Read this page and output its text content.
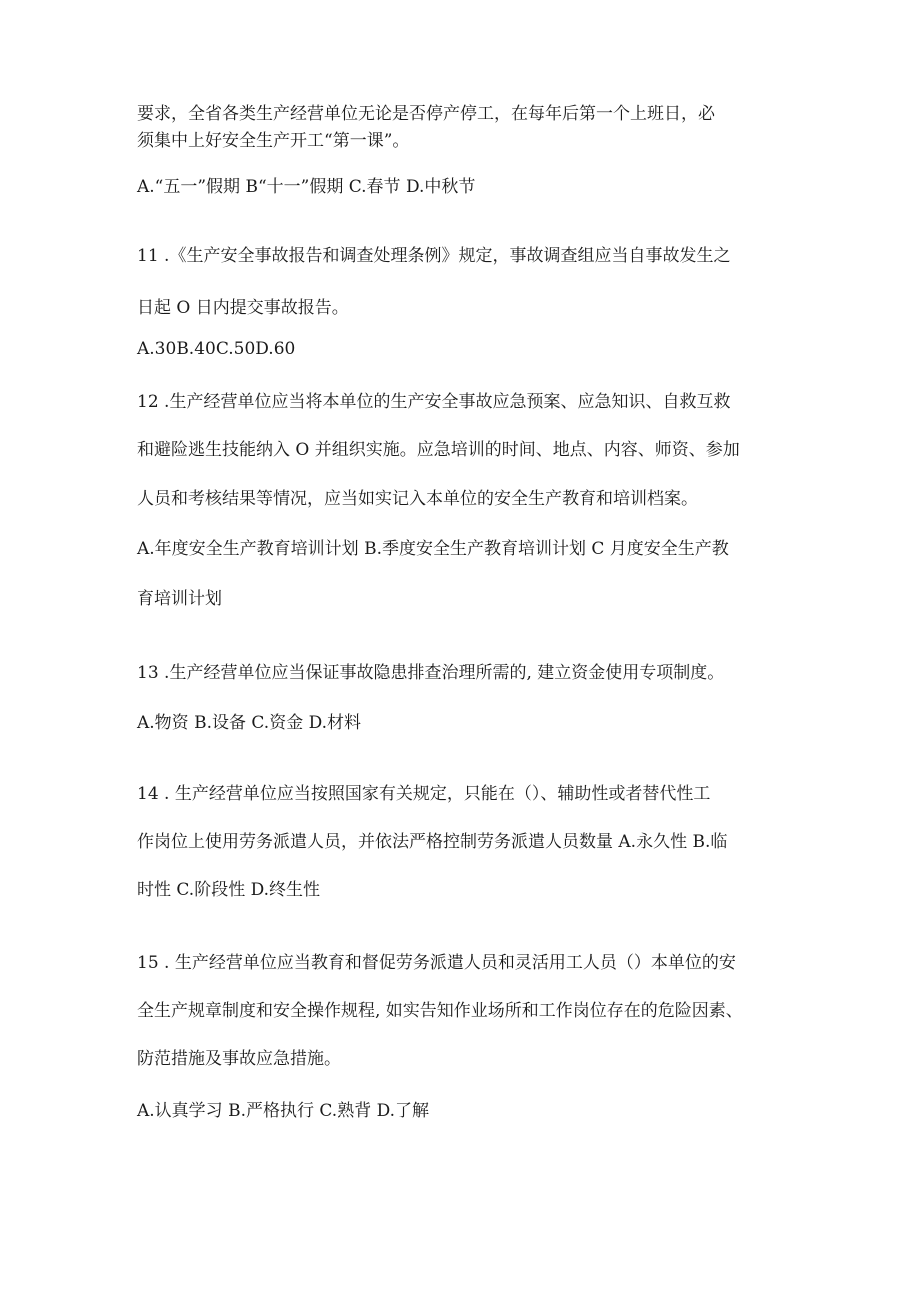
要求，全省各类生产经营单位无论是否停产停工，在每年后第一个上班日，必

须集中上好安全生产开工“第一课”。

A.“五一”假期 B“十一”假期 C.春节 D.中秋节

11 .《生产安全事故报告和调查处理条例》规定，事故调查组应当自事故发生之

日起 O 日内提交事故报告。

A.30B.40C.50D.60

12 .生产经营单位应当将本单位的生产安全事故应急预案、应急知识、自救互救

和避险逃生技能纳入 O 并组织实施。应急培训的时间、地点、内容、师资、参加

人员和考核结果等情况，应当如实记入本单位的安全生产教育和培训档案。

A.年度安全生产教育培训计划 B.季度安全生产教育培训计划 C 月度安全生产教

育培训计划

13 .生产经营单位应当保证事故隐患排查治理所需的, 建立资金使用专项制度。

A.物资 B.设备 C.资金 D.材料

14 . 生产经营单位应当按照国家有关规定，只能在（）、辅助性或者替代性工

作岗位上使用劳务派遣人员，并依法严格控制劳务派遣人员数量 A.永久性 B.临

时性 C.阶段性 D.终生性

15 . 生产经营单位应当教育和督促劳务派遣人员和灵活用工人员（）本单位的安

全生产规章制度和安全操作规程, 如实告知作业场所和工作岗位存在的危险因素、

防范措施及事故应急措施。

A.认真学习 B.严格执行 C.熟背 D.了解
